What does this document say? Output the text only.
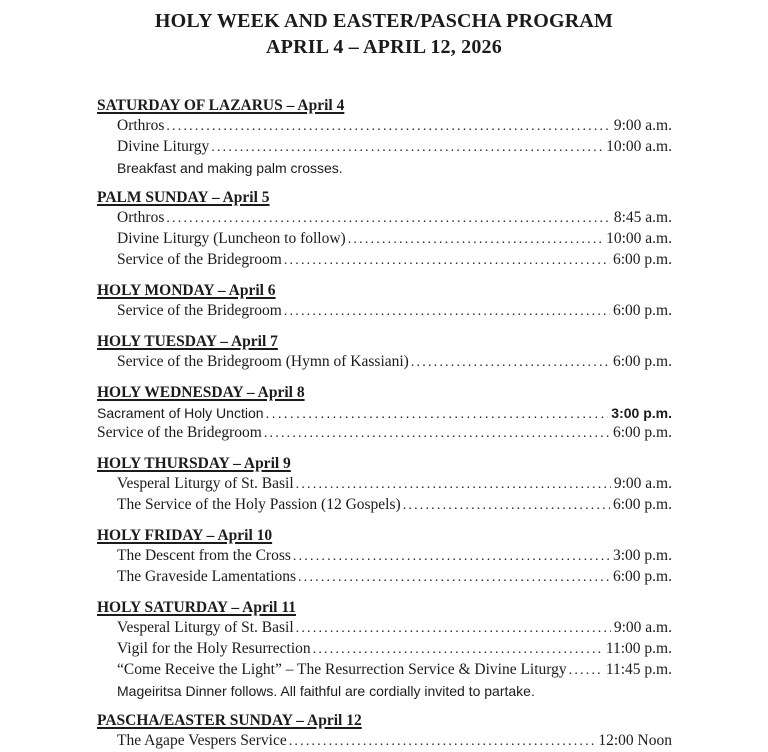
HOLY WEEK AND EASTER/PASCHA PROGRAM
APRIL 4 – APRIL 12, 2026
SATURDAY OF LAZARUS – April 4
Orthros .....	9:00 a.m.
Divine Liturgy .....	10:00 a.m.
Breakfast and making palm crosses.
PALM SUNDAY – April 5
Orthros .....	8:45 a.m.
Divine Liturgy (Luncheon to follow) .....	10:00 a.m.
Service of the Bridegroom .....	6:00 p.m.
HOLY MONDAY – April 6
Service of the Bridegroom .....	6:00 p.m.
HOLY TUESDAY – April 7
Service of the Bridegroom (Hymn of Kassiani) .....	6:00 p.m.
HOLY WEDNESDAY – April 8
Sacrament of Holy Unction .....	3:00 p.m.
Service of the Bridegroom .....	6:00 p.m.
HOLY THURSDAY – April 9
Vesperal Liturgy of St. Basil .....	9:00 a.m.
The Service of the Holy Passion (12 Gospels) .....	6:00 p.m.
HOLY FRIDAY – April 10
The Descent from the Cross .....	3:00 p.m.
The Graveside Lamentations .....	6:00 p.m.
HOLY SATURDAY – April 11
Vesperal Liturgy of St. Basil .....	9:00 a.m.
Vigil for the Holy Resurrection .....	11:00 p.m.
“Come Receive the Light” – The Resurrection Service & Divine Liturgy .....	11:45 p.m.
Mageiritsa Dinner follows. All faithful are cordially invited to partake.
PASCHA/EASTER SUNDAY – April 12
The Agape Vespers Service .....	12:00 Noon
